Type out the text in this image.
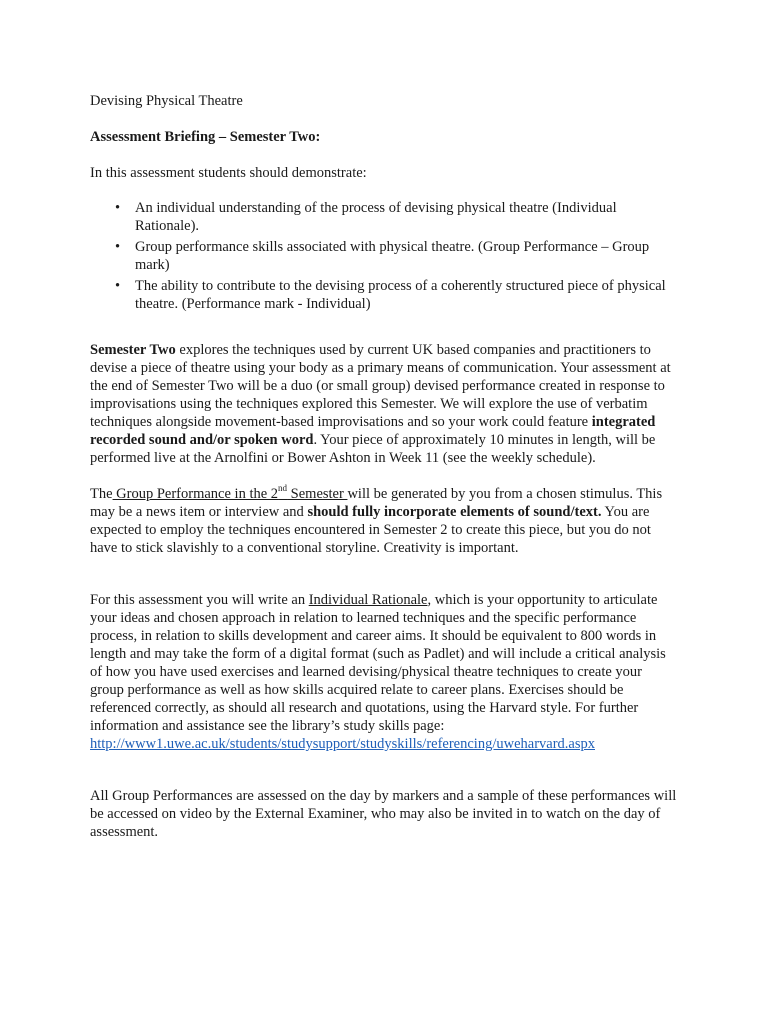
Devising Physical Theatre

Assessment Briefing – Semester Two:

In this assessment students should demonstrate:

• An individual understanding of the process of devising physical theatre (Individual Rationale).
• Group performance skills associated with physical theatre. (Group Performance – Group mark)
• The ability to contribute to the devising process of a coherently structured piece of physical theatre. (Performance mark - Individual)

Semester Two explores the techniques used by current UK based companies and practitioners to devise a piece of theatre using your body as a primary means of communication. Your assessment at the end of Semester Two will be a duo (or small group) devised performance created in response to improvisations using the techniques explored this Semester. We will explore the use of verbatim techniques alongside movement-based improvisations and so your work could feature integrated recorded sound and/or spoken word. Your piece of approximately 10 minutes in length, will be performed live at the Arnolfini or Bower Ashton in Week 11 (see the weekly schedule).

The Group Performance in the 2nd Semester will be generated by you from a chosen stimulus. This may be a news item or interview and should fully incorporate elements of sound/text. You are expected to employ the techniques encountered in Semester 2 to create this piece, but you do not have to stick slavishly to a conventional storyline. Creativity is important.

For this assessment you will write an Individual Rationale, which is your opportunity to articulate your ideas and chosen approach in relation to learned techniques and the specific performance process, in relation to skills development and career aims. It should be equivalent to 800 words in length and may take the form of a digital format (such as Padlet) and will include a critical analysis of how you have used exercises and learned devising/physical theatre techniques to create your group performance as well as how skills acquired relate to career plans. Exercises should be referenced correctly, as should all research and quotations, using the Harvard style. For further information and assistance see the library’s study skills page:
http://www1.uwe.ac.uk/students/studysupport/studyskills/referencing/uweharvard.aspx

All Group Performances are assessed on the day by markers and a sample of these performances will be accessed on video by the External Examiner, who may also be invited in to watch on the day of assessment.
